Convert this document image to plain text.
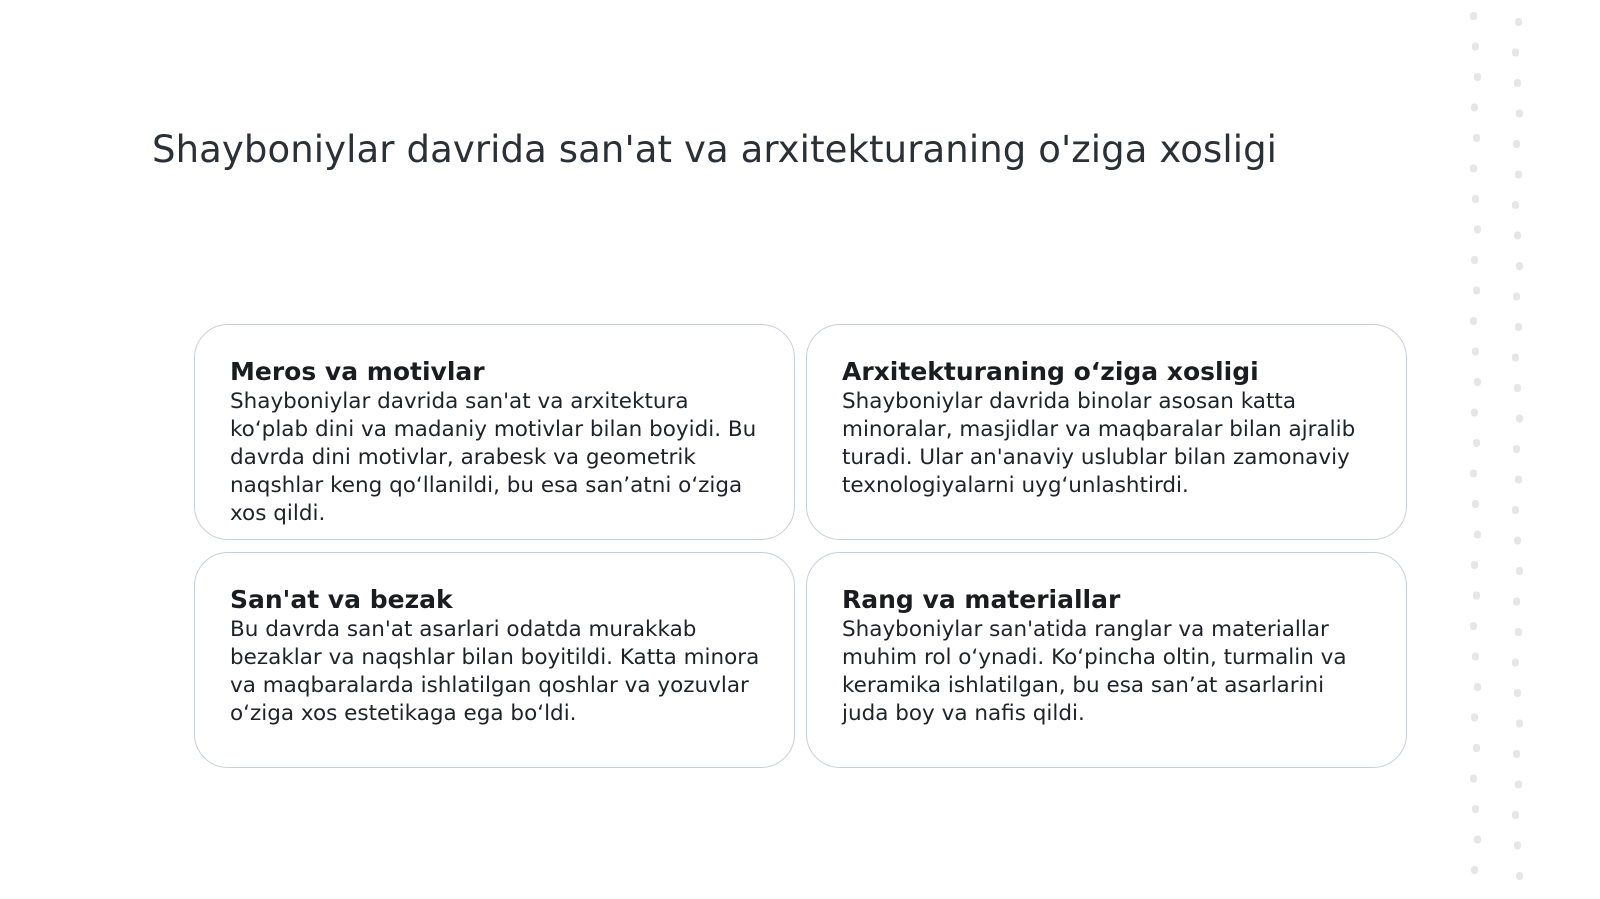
Shayboniylar davrida san'at va arxitekturaning o'ziga xosligi
Meros va motivlar

Shayboniylar davrida san'at va arxitektura ko‘plab dini va madaniy motivlar bilan boyidi. Bu davrda dini motivlar, arabesk va geometrik naqshlar keng qo‘llanildi, bu esa san’atni o‘ziga xos qildi.

Arxitekturaning o‘ziga xosligi

Shayboniylar davrida binolar asosan katta minoralar, masjidlar va maqbaralar bilan ajralib turadi. Ular an'anaviy uslublar bilan zamonaviy texnologiyalarni uyg‘unlashtirdi.

San'at va bezak

Bu davrda san'at asarlari odatda murakkab bezaklar va naqshlar bilan boyitildi. Katta minora va maqbaralarda ishlatilgan qoshlar va yozuvlar o‘ziga xos estetikaga ega bo‘ldi.

Rang va materiallar

Shayboniylar san'atida ranglar va materiallar muhim rol o‘ynadi. Ko‘pincha oltin, turmalin va keramika ishlatilgan, bu esa san’at asarlarini juda boy va nafis qildi.
